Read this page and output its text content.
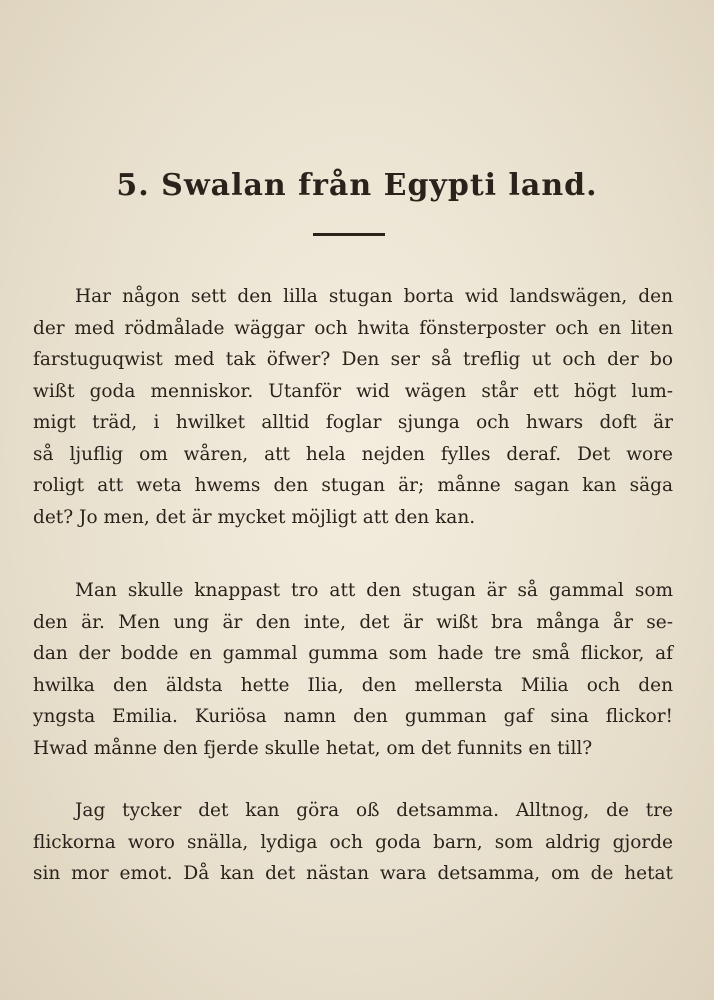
5. Swalan från Egypti land.
Har någon sett den lilla stugan borta wid landswägen, den
der med rödmålade wäggar och hwita fönsterposter och en liten
farstuguqwist med tak öfwer? Den ser så treflig ut och der bo
wißt goda menniskor. Utanför wid wägen står ett högt lum-
migt träd, i hwilket alltid foglar sjunga och hwars doft är
så ljuflig om wåren, att hela nejden fylles deraf. Det wore
roligt att weta hwems den stugan är; månne sagan kan säga
det? Jo men, det är mycket möjligt att den kan.
Man skulle knappast tro att den stugan är så gammal som
den är. Men ung är den inte, det är wißt bra många år se-
dan der bodde en gammal gumma som hade tre små flickor, af
hwilka den äldsta hette Ilia, den mellersta Milia och den
yngsta Emilia. Kuriösa namn den gumman gaf sina flickor!
Hwad månne den fjerde skulle hetat, om det funnits en till?
Jag tycker det kan göra oß detsamma. Alltnog, de tre
flickorna woro snälla, lydiga och goda barn, som aldrig gjorde
sin mor emot. Då kan det nästan wara detsamma, om de hetat
